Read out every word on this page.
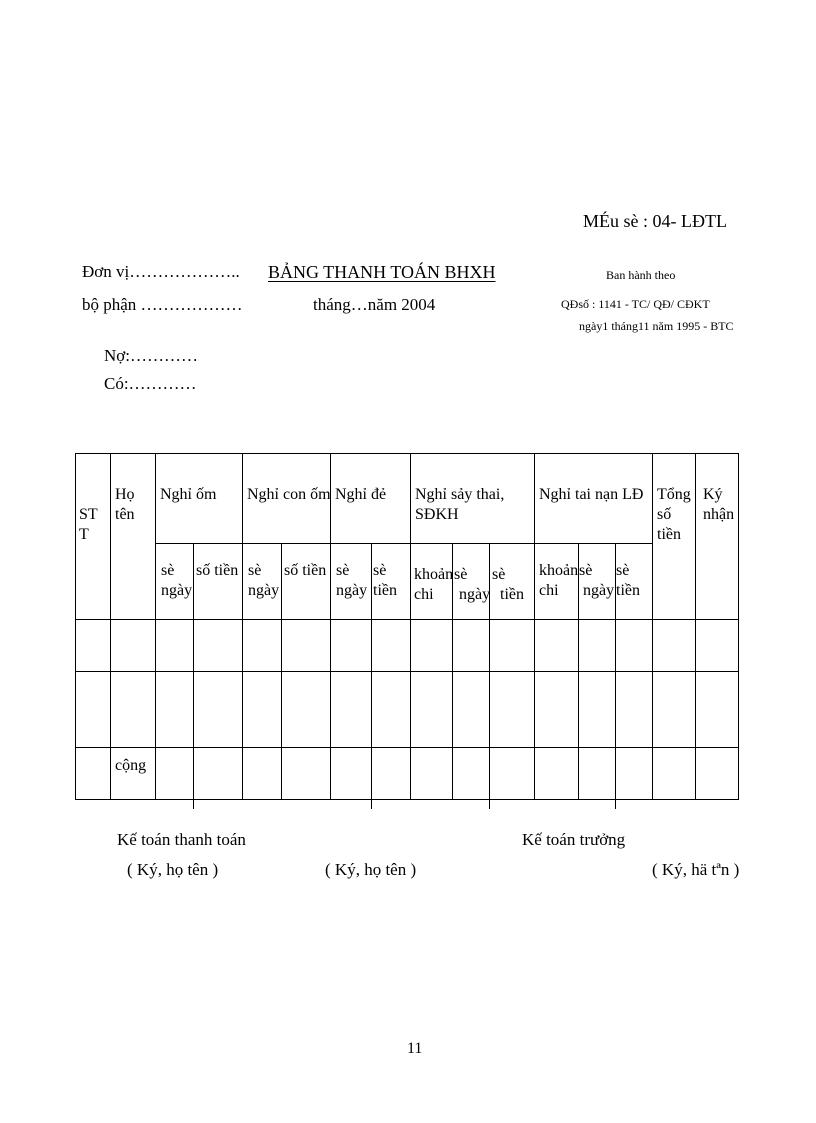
MÉu sè : 04- LĐTL
Đơn vị………………..
bộ phận ………………
BẢNG THANH TOÁN BHXH
tháng…năm 2004
Ban hành theo
QĐsố : 1141 - TC/ QĐ/ CĐKT
ngày1 tháng11 năm 1995 - BTC
Nợ:…………
Có:…………
ST
T
Họ
tên
Nghỉ ốm Nghỉ con ốm Nghỉ đẻ Nghỉ sảy thai,
SĐKH
Nghỉ tai nạn LĐ Tổng
số
tiền
Ký
nhận
sè
ngày
số tiền sè
ngày
số tiền sè
ngày
sè
tiền
khoản
chi
sè
ngày
sè
tiền
khoản
chi
sè
ngày
sè
tiền
cộng
Kế toán thanh toán
( Ký, họ tên )	( Ký, họ tên )
Kế toán trưởng
( Ký, hä tªn )
11
